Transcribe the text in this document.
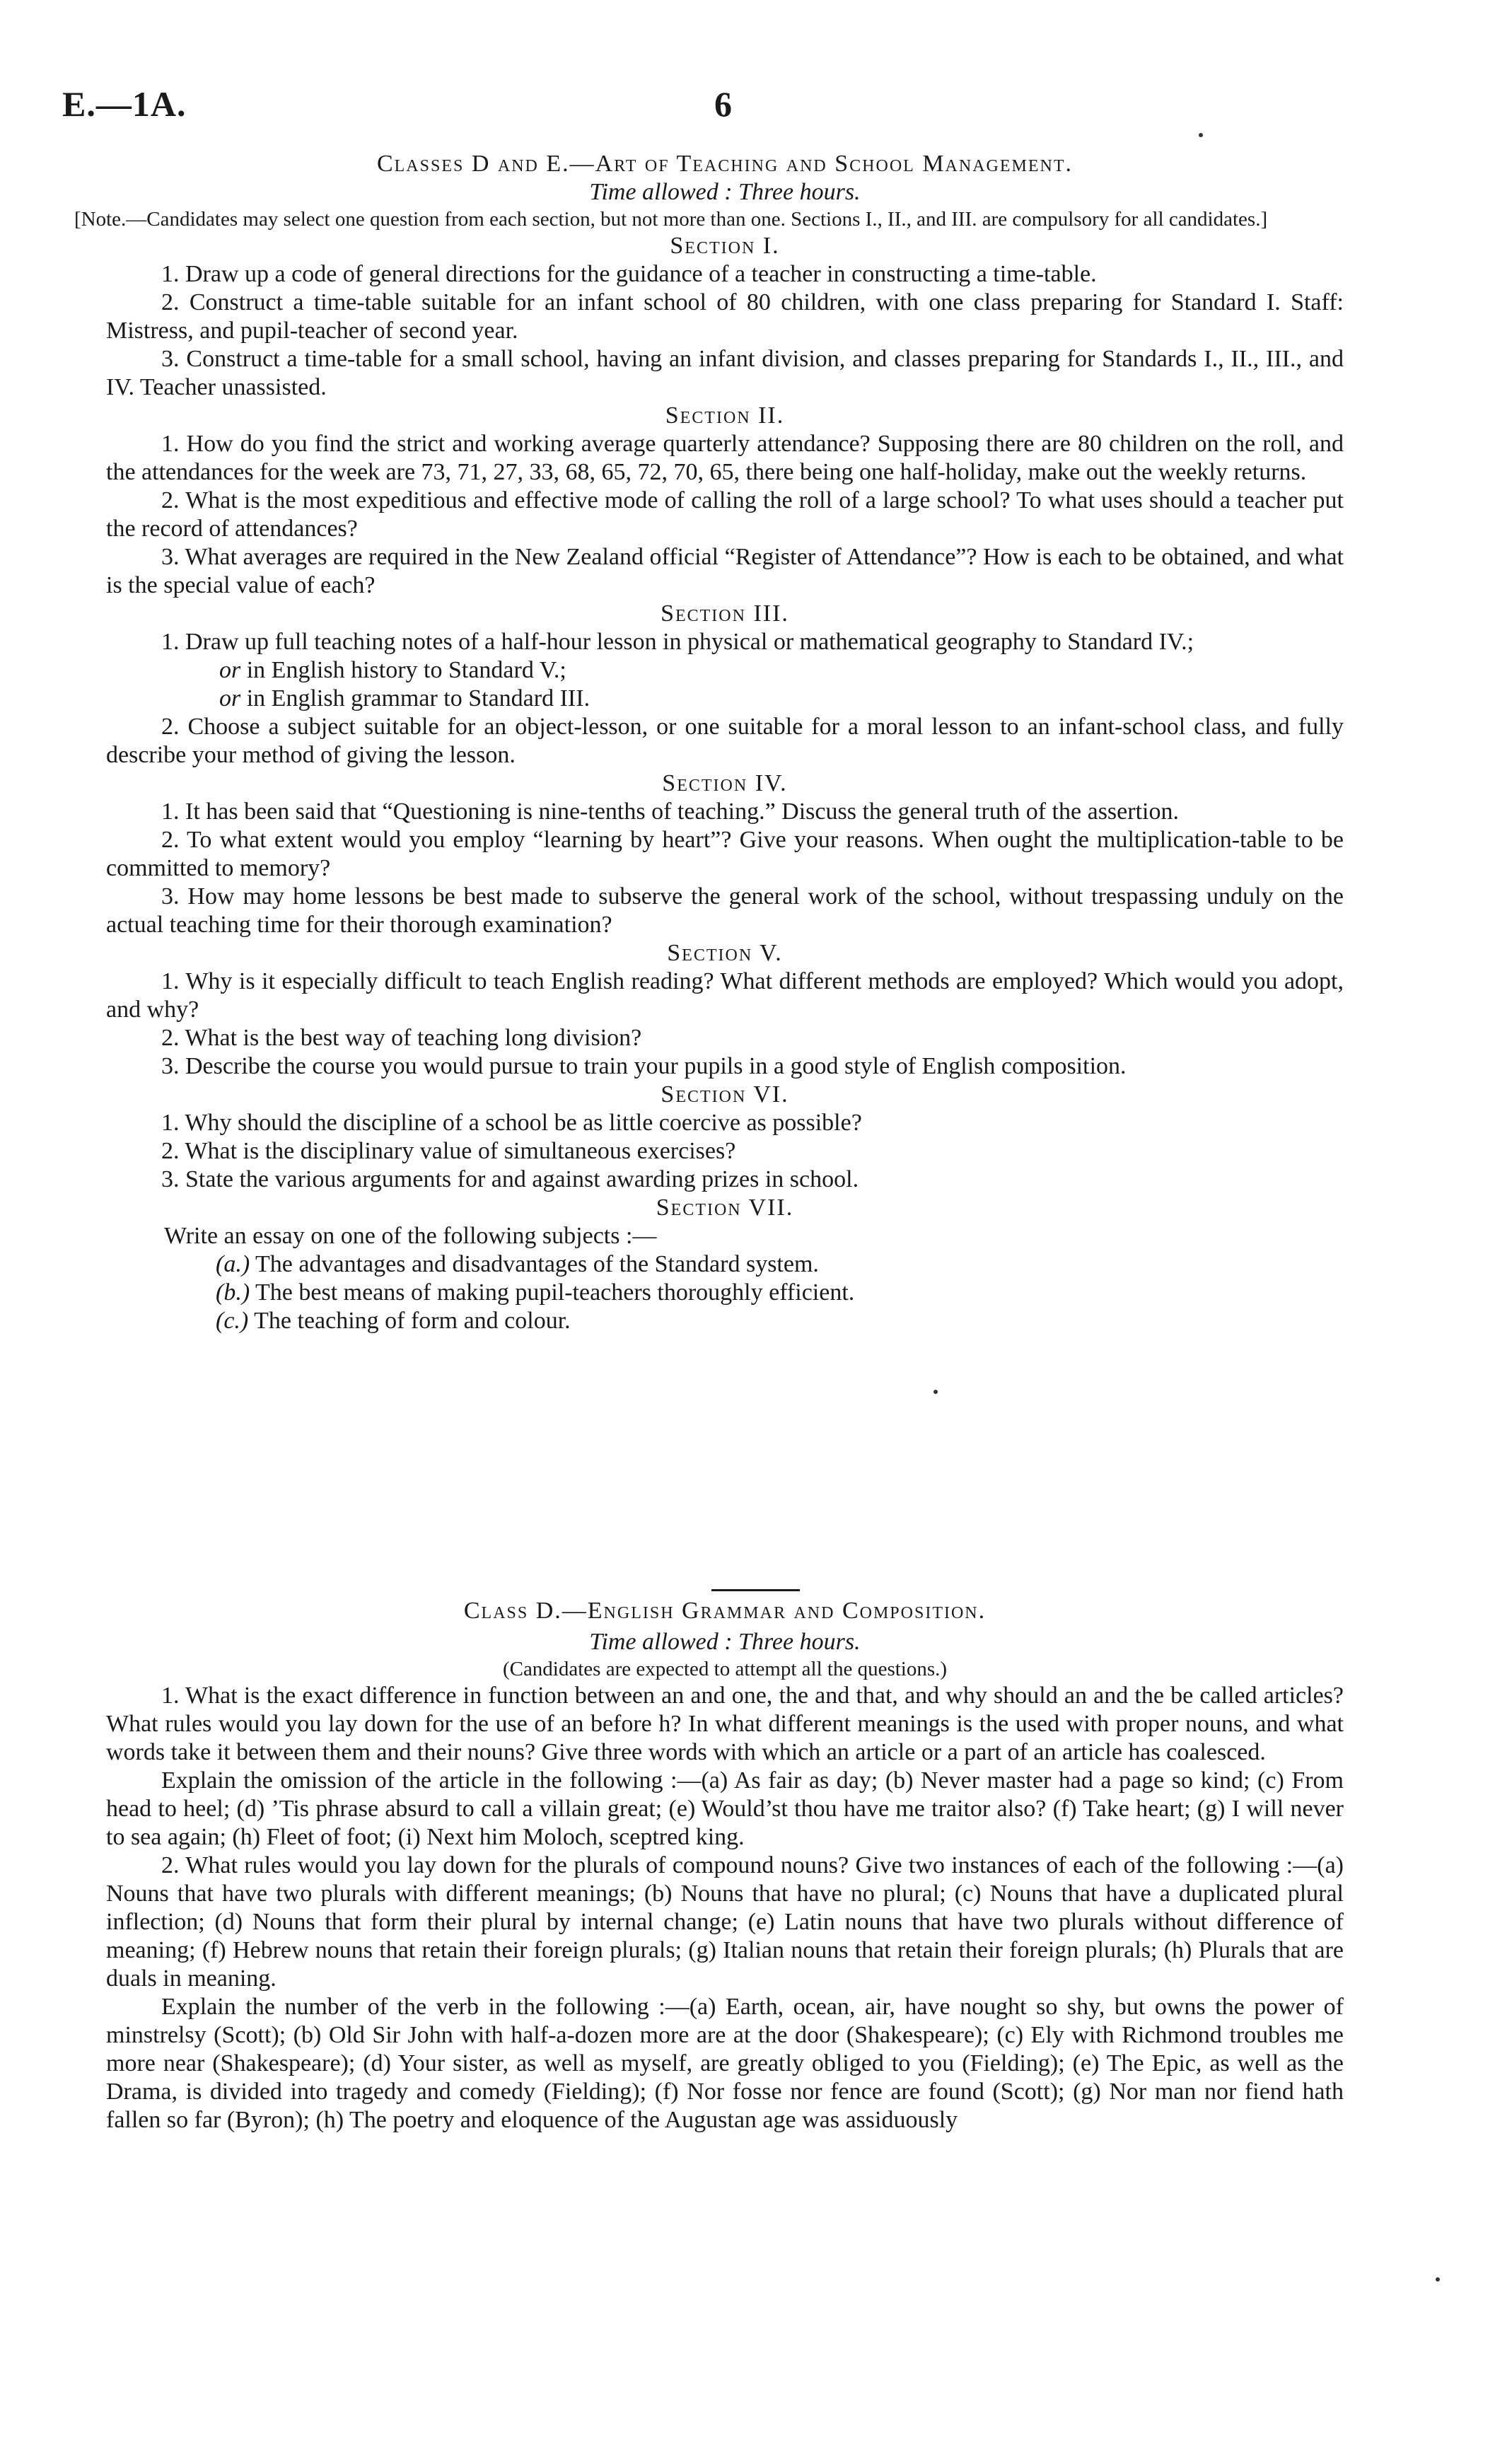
E.—1A.	6

Classes D and E.—Art of Teaching and School Management.

Time allowed : Three hours.

[Note.—Candidates may select one question from each section, but not more than one. Sections I., II., and III. are compulsory for all candidates.]

Section I.

1. Draw up a code of general directions for the guidance of a teacher in constructing a time-table.

2. Construct a time-table suitable for an infant school of 80 children, with one class preparing for Standard I. Staff: Mistress, and pupil-teacher of second year.

3. Construct a time-table for a small school, having an infant division, and classes preparing for Standards I., II., III., and IV. Teacher unassisted.

Section II.

1. How do you find the strict and working average quarterly attendance? Supposing there are 80 children on the roll, and the attendances for the week are 73, 71, 27, 33, 68, 65, 72, 70, 65, there being one half-holiday, make out the weekly returns.

2. What is the most expeditious and effective mode of calling the roll of a large school? To what uses should a teacher put the record of attendances?

3. What averages are required in the New Zealand official “Register of Attendance”? How is each to be obtained, and what is the special value of each?

Section III.

1. Draw up full teaching notes of a half-hour lesson in physical or mathematical geography to Standard IV.;

or in English history to Standard V.;

or in English grammar to Standard III.

2. Choose a subject suitable for an object-lesson, or one suitable for a moral lesson to an infant-school class, and fully describe your method of giving the lesson.

Section IV.

1. It has been said that “Questioning is nine-tenths of teaching.” Discuss the general truth of the assertion.

2. To what extent would you employ “learning by heart”? Give your reasons. When ought the multiplication-table to be committed to memory?

3. How may home lessons be best made to subserve the general work of the school, without trespassing unduly on the actual teaching time for their thorough examination?

Section V.

1. Why is it especially difficult to teach English reading? What different methods are employed? Which would you adopt, and why?

2. What is the best way of teaching long division?

3. Describe the course you would pursue to train your pupils in a good style of English composition.

Section VI.

1. Why should the discipline of a school be as little coercive as possible?

2. What is the disciplinary value of simultaneous exercises?

3. State the various arguments for and against awarding prizes in school.

Section VII.

Write an essay on one of the following subjects :—

(a.) The advantages and disadvantages of the Standard system.

(b.) The best means of making pupil-teachers thoroughly efficient.

(c.) The teaching of form and colour.

Class D.—English Grammar and Composition.

Time allowed : Three hours.

(Candidates are expected to attempt all the questions.)

1. What is the exact difference in function between an and one, the and that, and why should an and the be called articles? What rules would you lay down for the use of an before h? In what different meanings is the used with proper nouns, and what words take it between them and their nouns? Give three words with which an article or a part of an article has coalesced.

Explain the omission of the article in the following :—(a) As fair as day; (b) Never master had a page so kind; (c) From head to heel; (d) ’Tis phrase absurd to call a villain great; (e) Would’st thou have me traitor also? (f) Take heart; (g) I will never to sea again; (h) Fleet of foot; (i) Next him Moloch, sceptred king.

2. What rules would you lay down for the plurals of compound nouns? Give two instances of each of the following :—(a) Nouns that have two plurals with different meanings; (b) Nouns that have no plural; (c) Nouns that have a duplicated plural inflection; (d) Nouns that form their plural by internal change; (e) Latin nouns that have two plurals without difference of meaning; (f) Hebrew nouns that retain their foreign plurals; (g) Italian nouns that retain their foreign plurals; (h) Plurals that are duals in meaning.

Explain the number of the verb in the following :—(a) Earth, ocean, air, have nought so shy, but owns the power of minstrelsy (Scott); (b) Old Sir John with half-a-dozen more are at the door (Shakespeare); (c) Ely with Richmond troubles me more near (Shakespeare); (d) Your sister, as well as myself, are greatly obliged to you (Fielding); (e) The Epic, as well as the Drama, is divided into tragedy and comedy (Fielding); (f) Nor fosse nor fence are found (Scott); (g) Nor man nor fiend hath fallen so far (Byron); (h) The poetry and eloquence of the Augustan age was assiduously
